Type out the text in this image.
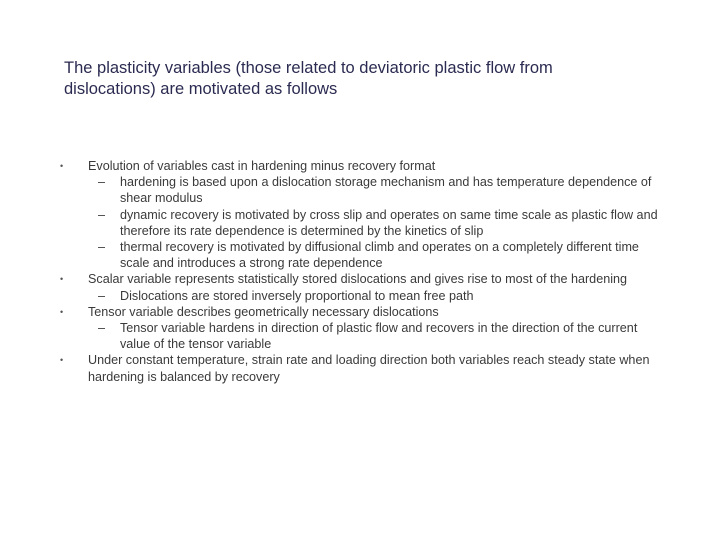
The plasticity variables (those related to deviatoric plastic flow from dislocations) are motivated as follows
• Evolution of variables cast in hardening minus recovery format
– hardening is based upon a dislocation storage mechanism and has temperature dependence of shear modulus
– dynamic recovery is motivated by cross slip and operates on same time scale as plastic flow and therefore its rate dependence is determined by the kinetics of slip
– thermal recovery is motivated by diffusional climb and operates on a completely different time scale and introduces a strong rate dependence
• Scalar variable represents statistically stored dislocations and gives rise to most of the hardening
– Dislocations are stored inversely proportional to mean free path
• Tensor variable describes geometrically necessary dislocations
– Tensor variable hardens in direction of plastic flow and recovers in the direction of the current value of the tensor variable
• Under constant temperature, strain rate and loading direction both variables reach steady state when hardening is balanced by recovery
